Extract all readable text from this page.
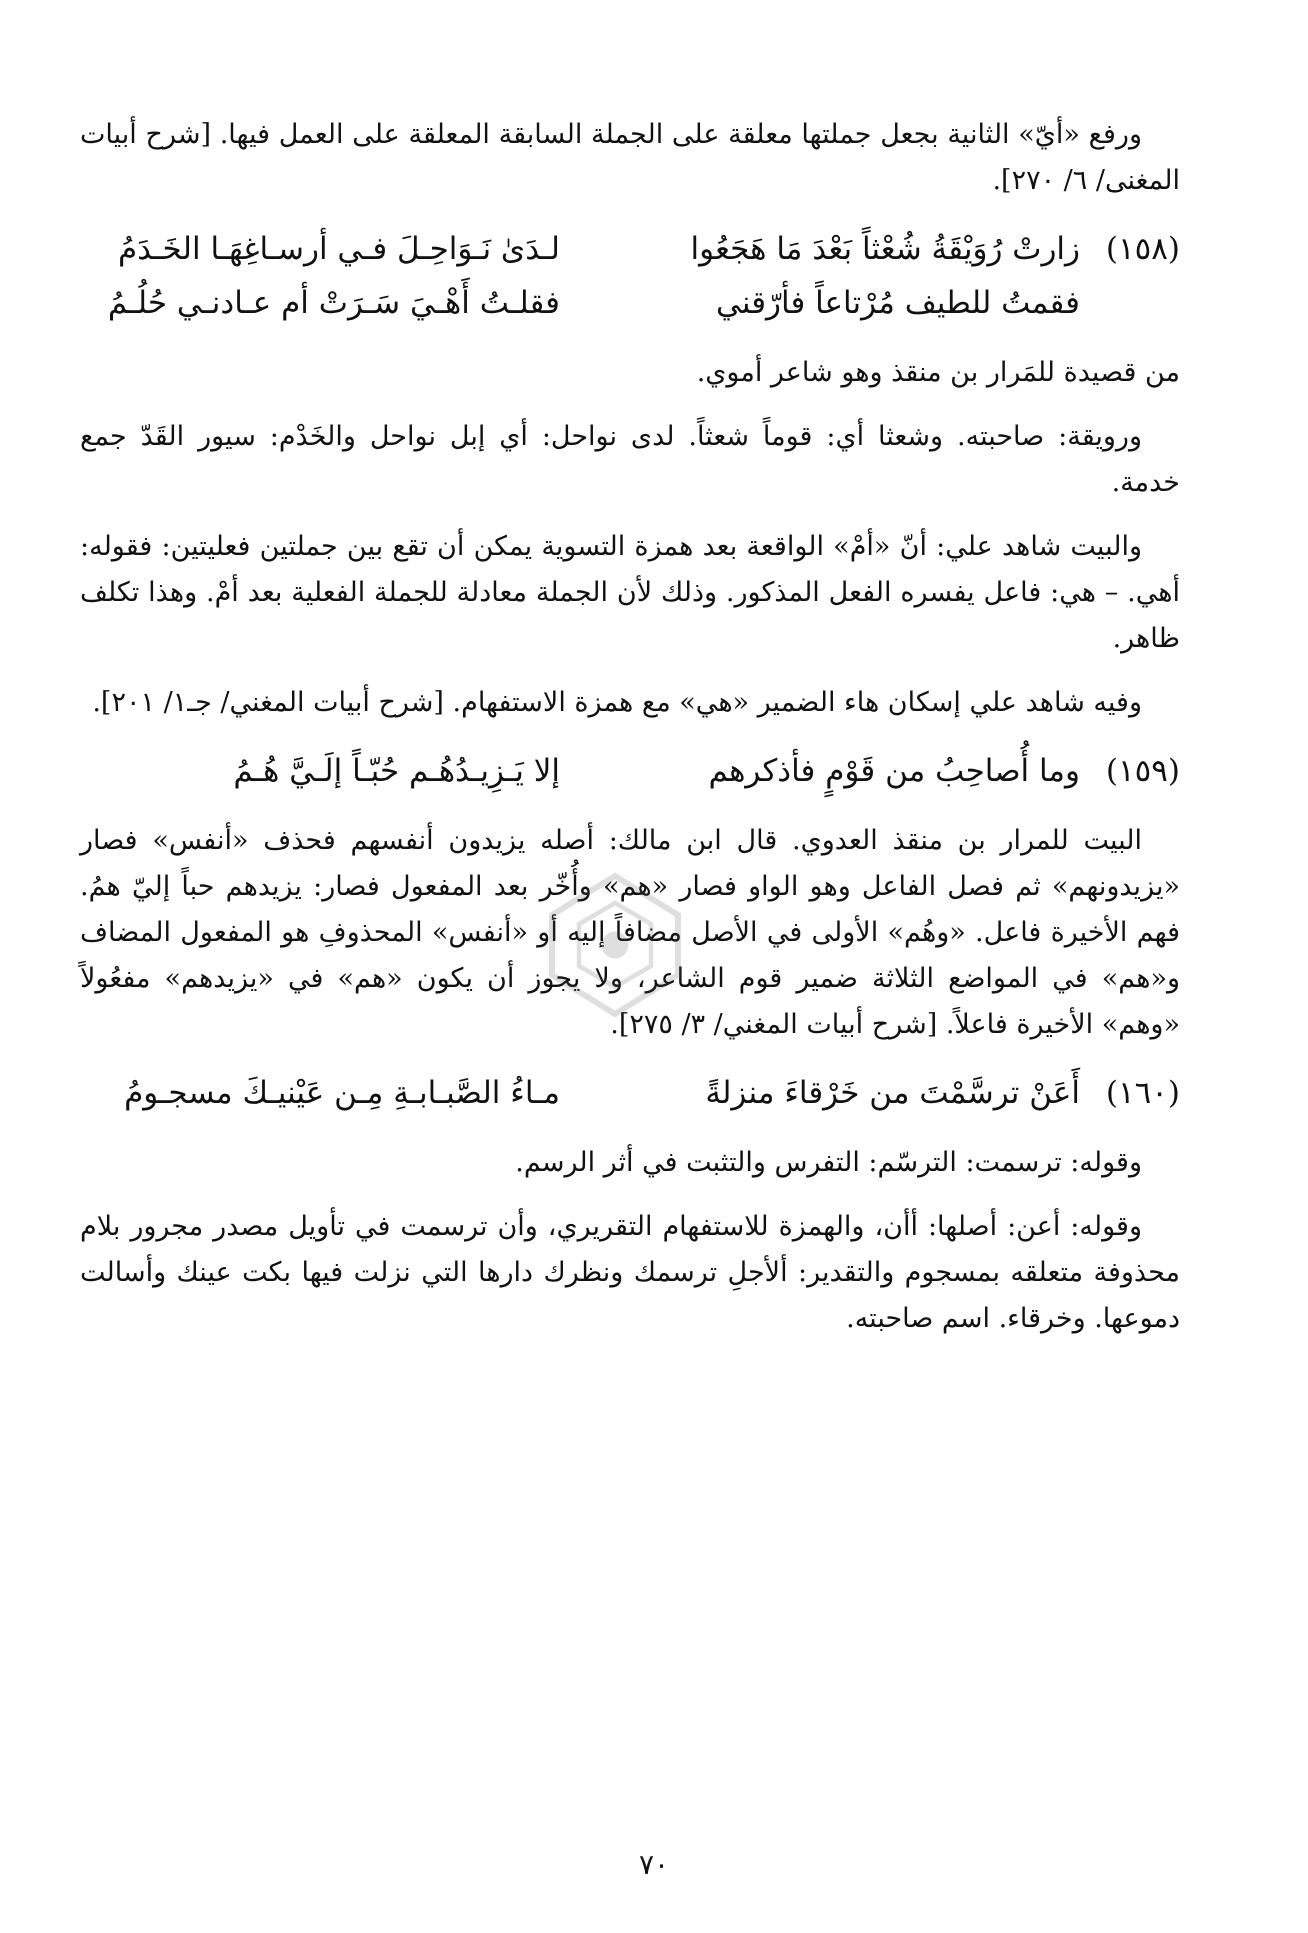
ورفع «أيّ» الثانية بجعل جملتها معلقة على الجملة السابقة المعلقة على العمل فيها. [شرح أبيات المغنى/ ٦/ ٢٧٠].

(١٥٨)
زارتْ رُوَيْقَةُ شُعْثاً بَعْدَ مَا هَجَعُوا
لـدَىٰ نَـوَاحِـلَ فـي أرسـاغِهَـا الخَـدَمُ
فقمتُ للطيف مُرْتاعاً فأرّقني
فقلـتُ أَهْـيَ سَـرَتْ أم عـادنـي حُلُـمُ

من قصيدة للمَرار بن منقذ وهو شاعر أموي.

ورويقة: صاحبته. وشعثا أي: قوماً شعثاً. لدى نواحل: أي إبل نواحل والخَدْم: سيور القَدّ جمع خدمة.

والبيت شاهد علي: أنّ «أمْ» الواقعة بعد همزة التسوية يمكن أن تقع بين جملتين فعليتين: فقوله: أهي. – هي: فاعل يفسره الفعل المذكور. وذلك لأن الجملة معادلة للجملة الفعلية بعد أمْ. وهذا تكلف ظاهر.

وفيه شاهد علي إسكان هاء الضمير «هي» مع همزة الاستفهام. [شرح أبيات المغني/ جـ١/ ٢٠١].

(١٥٩)
وما أُصاحِبُ من قَوْمٍ فأذكرهم
إلا يَـزِيـدُهُـم حُبّـاً إلَـيَّ هُـمُ

البيت للمرار بن منقذ العدوي. قال ابن مالك: أصله يزيدون أنفسهم فحذف «أنفس» فصار «يزيدونهم» ثم فصل الفاعل وهو الواو فصار «هم» وأُخّر بعد المفعول فصار: يزيدهم حباً إليّ همُ. فهم الأخيرة فاعل. «وهُم» الأولى في الأصل مضافاً إليه أو «أنفس» المحذوفِ هو المفعول المضاف و«هم» في المواضع الثلاثة ضمير قوم الشاعر، ولا يجوز أن يكون «هم» في «يزيدهم» مفعُولاً «وهم» الأخيرة فاعلاً. [شرح أبيات المغني/ ٣/ ٢٧٥].

(١٦٠)
أَعَنْ ترسَّمْتَ من خَرْقاءَ منزلةً
مـاءُ الصَّبـابـةِ مِـن عَيْنيـكَ مسجـومُ

وقوله: ترسمت: الترسّم: التفرس والتثبت في أثر الرسم.

وقوله: أعن: أصلها: أأن، والهمزة للاستفهام التقريري، وأن ترسمت في تأويل مصدر مجرور بلام محذوفة متعلقه بمسجوم والتقدير: ألأجلِ ترسمك ونظرك دارها التي نزلت فيها بكت عينك وأسالت دموعها. وخرقاء. اسم صاحبته.

٧٠
